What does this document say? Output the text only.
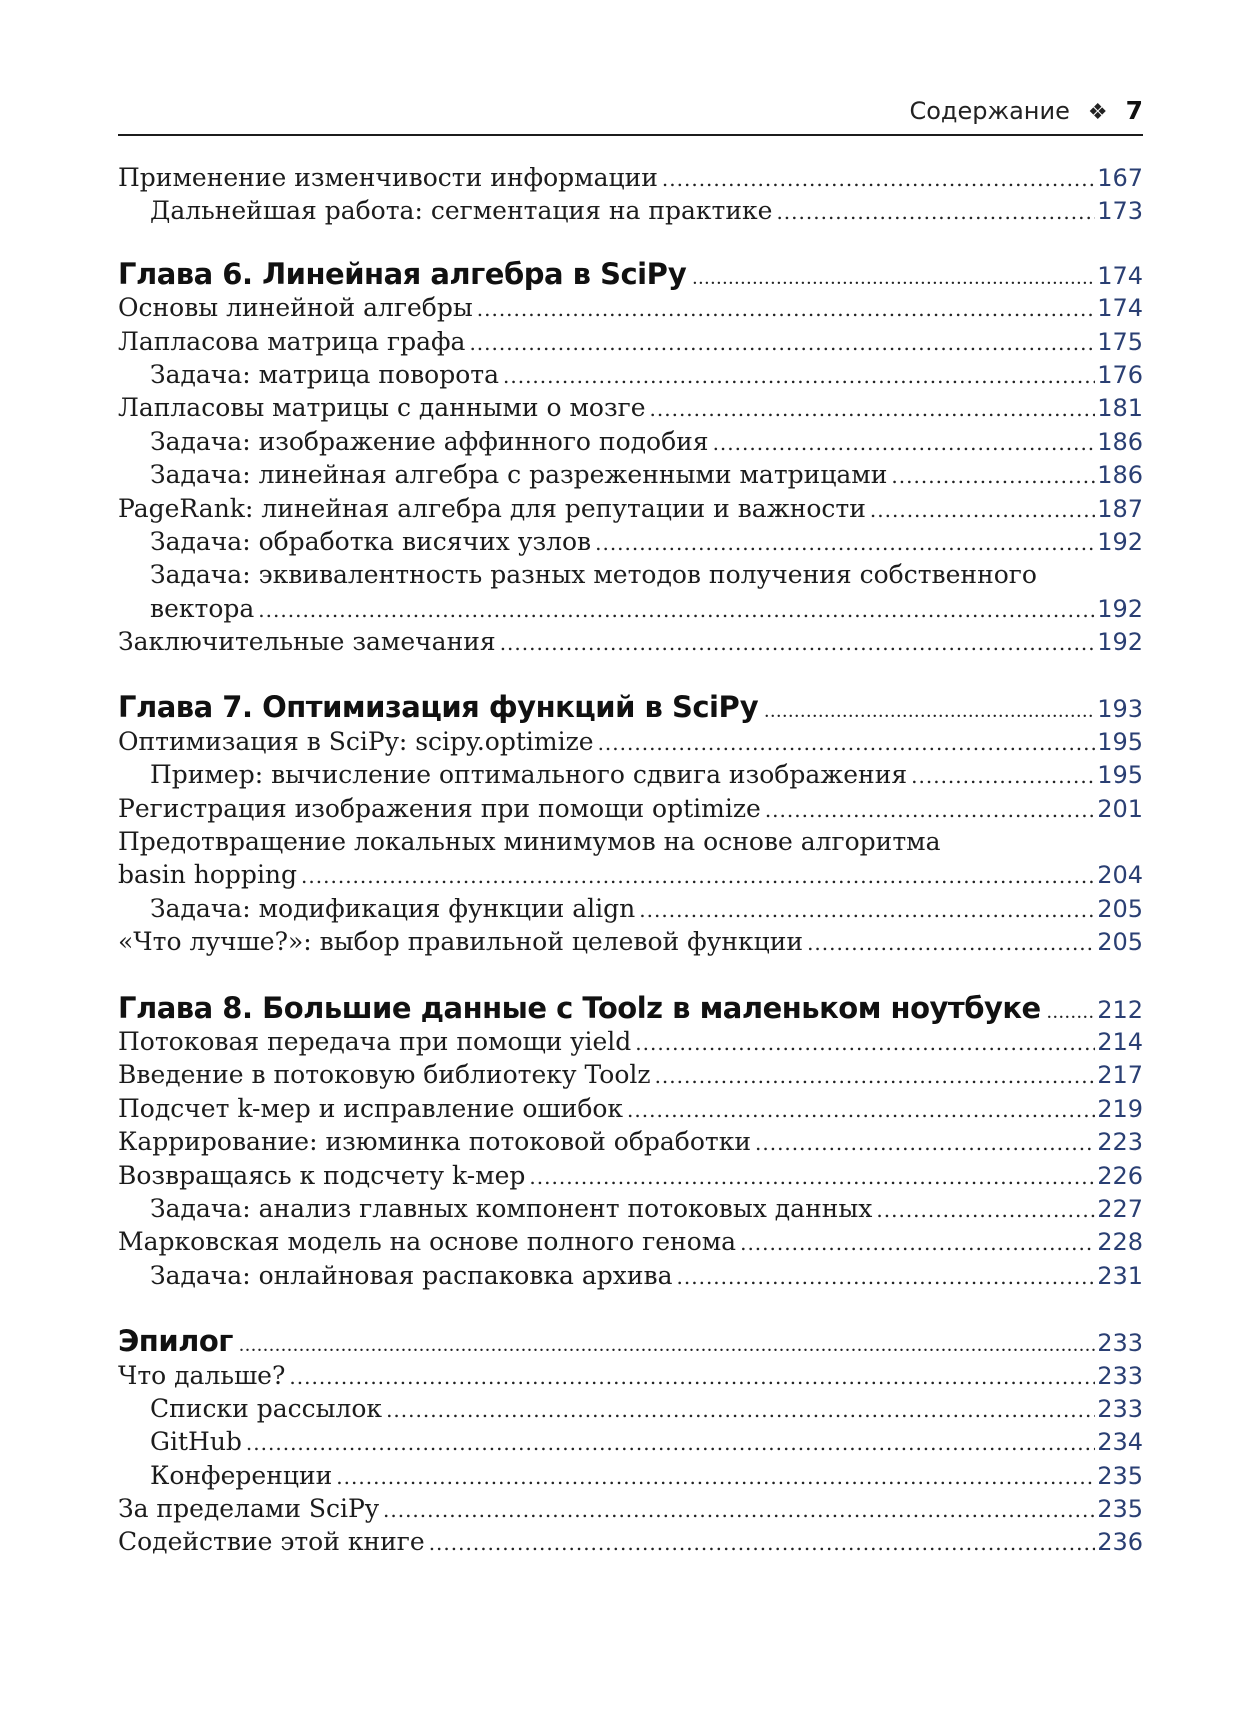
Содержание ❖ 7
Применение изменчивости информации .....	167
Дальнейшая работа: сегментация на практике .....	173
Глава 6. Линейная алгебра в SciPy .....	174
Основы линейной алгебры .....	174
Лапласова матрица графа .....	175
Задача: матрица поворота .....	176
Лапласовы матрицы с данными о мозге .....	181
Задача: изображение аффинного подобия .....	186
Задача: линейная алгебра с разреженными матрицами .....	186
PageRank: линейная алгебра для репутации и важности .....	187
Задача: обработка висячих узлов .....	192
Задача: эквивалентность разных методов получения собственного
вектора .....	192
Заключительные замечания .....	192
Глава 7. Оптимизация функций в SciPy .....	193
Оптимизация в SciPy: scipy.optimize .....	195
Пример: вычисление оптимального сдвига изображения .....	195
Регистрация изображения при помощи optimize .....	201
Предотвращение локальных минимумов на основе алгоритма
basin hopping .....	204
Задача: модификация функции align .....	205
«Что лучше?»: выбор правильной целевой функции .....	205
Глава 8. Большие данные с Toolz в маленьком ноутбуке ..... 212
Потоковая передача при помощи yield .....	214
Введение в потоковую библиотеку Toolz .....	217
Подсчет k-мер и исправление ошибок .....	219
Каррирование: изюминка потоковой обработки .....	223
Возвращаясь к подсчету k-мер .....	226
Задача: анализ главных компонент потоковых данных .....	227
Марковская модель на основе полного генома .....	228
Задача: онлайновая распаковка архива .....	231
Эпилог .....	233
Что дальше? .....	233
Списки рассылок .....	233
GitHub .....	234
Конференции .....	235
За пределами SciPy .....	235
Содействие этой книге .....	236
